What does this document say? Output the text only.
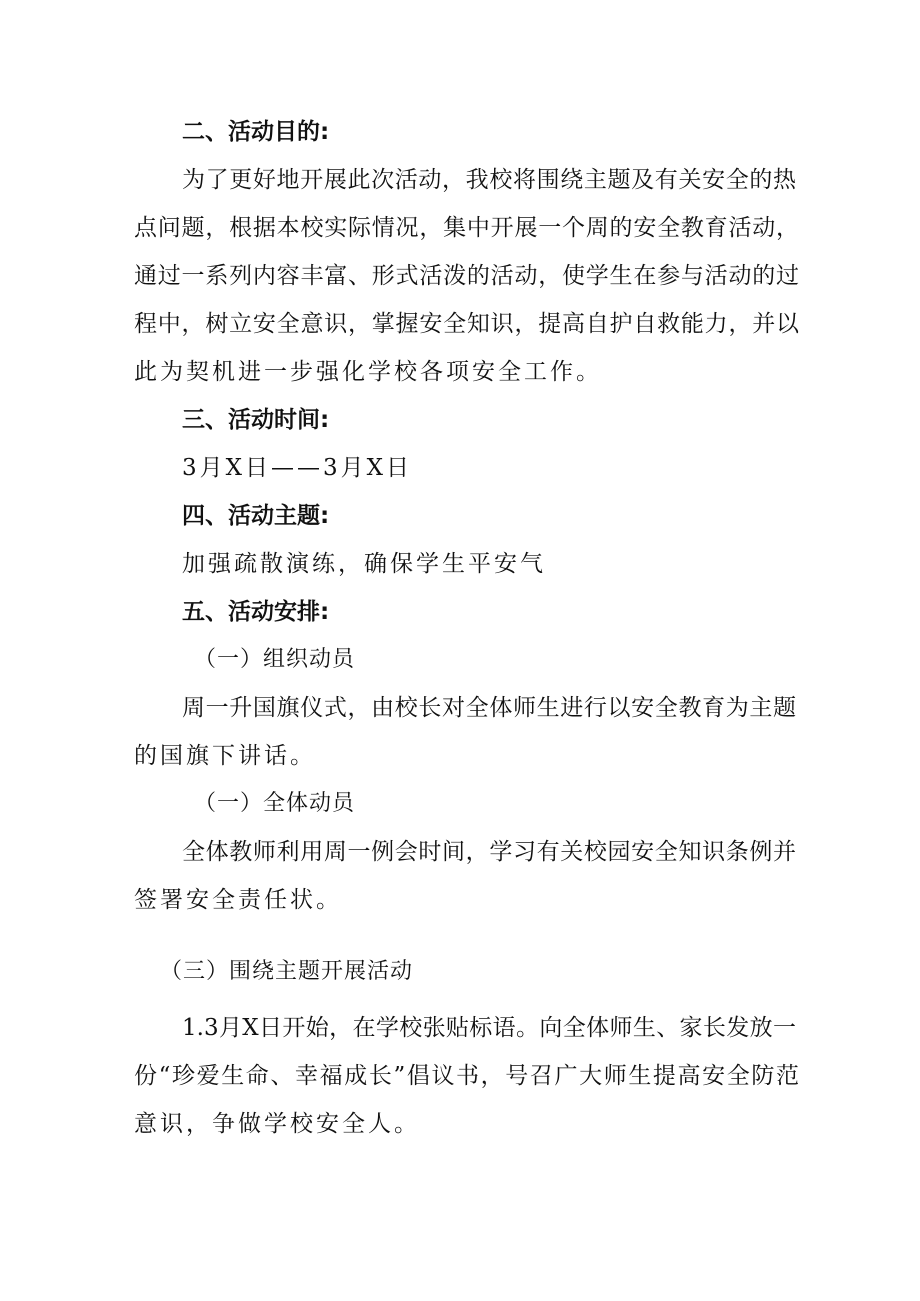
二、活动目的:
为了更好地开展此次活动，我校将围绕主题及有关安全的热
点问题，根据本校实际情况，集中开展一个周的安全教育活动，
通过一系列内容丰富、形式活泼的活动，使学生在参与活动的过
程中，树立安全意识，掌握安全知识，提高自护自救能力，并以
此为契机进一步强化学校各项安全工作。
三、活动时间:
3月X日——3月X日
四、活动主题:
加强疏散演练，确保学生平安气
五、活动安排:
（一）组织动员
周一升国旗仪式，由校长对全体师生进行以安全教育为主题
的国旗下讲话。
（一）全体动员
全体教师利用周一例会时间，学习有关校园安全知识条例并
签署安全责任状。
（三）围绕主题开展活动
1.3月X日开始，在学校张贴标语。向全体师生、家长发放一
份“珍爱生命、幸福成长”倡议书，号召广大师生提高安全防范
意识，争做学校安全人。
